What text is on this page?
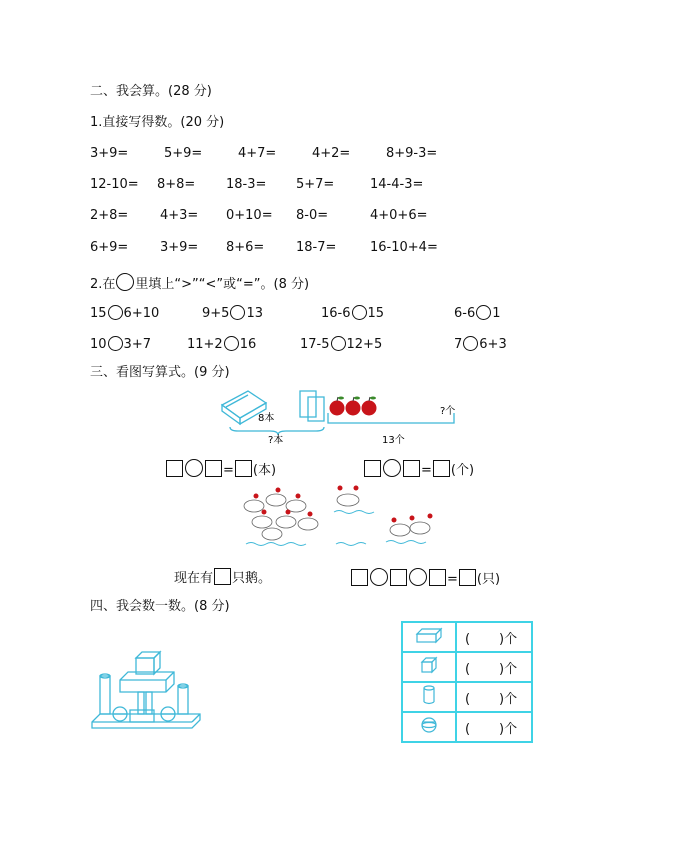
二、我会算。(28 分)
1.直接写得数。(20 分)
3+9=	5+9=	4+7=	4+2=	8+9-3=
12-10= 8+8= 18-3= 5+7=	14-4-3=
2+8= 4+3= 0+10= 8-0=	4+0+6=
6+9= 3+9= 8+6= 18-7=	16-10+4=
2.在 里填上“>”“<”或“=”。(8 分)
15 6+10	9+5 13	16-6 15	6-6 1
10 3+7	11+2 16	17-5 12+5	7 6+3
三、看图写算式。(9 分)
8本
?个
?本	13个
= (本)	= (个)
现在有 只鹅。	= (只)
四、我会数一数。(8 分)
	( )个
	( )个
	( )个
	( )个
